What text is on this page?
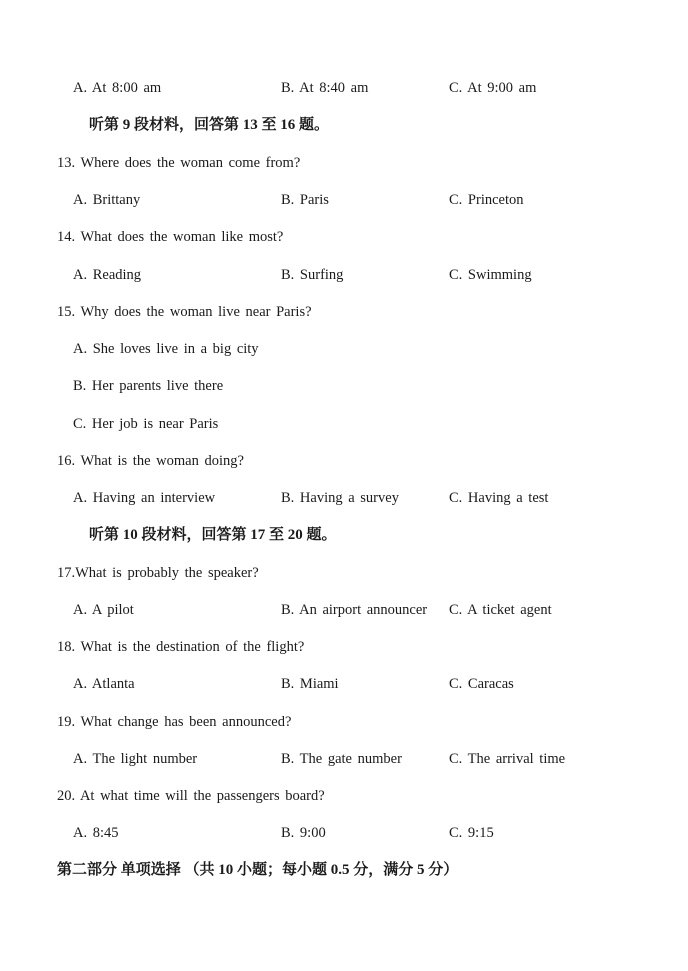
A. At 8:00 am	B. At 8:40 am	C. At 9:00 am
听第 9 段材料，回答第 13 至 16 题。
13. Where does the woman come from?
A. Brittany	B. Paris	C. Princeton
14. What does the woman like most?
A. Reading	B. Surfing	C. Swimming
15. Why does the woman live near Paris?
A. She loves live in a big city
B. Her parents live there
C. Her job is near Paris
16. What is the woman doing?
A. Having an interview	B. Having a survey	C. Having a test
听第 10 段材料，回答第 17 至 20 题。
17.What is probably the speaker?
A. A pilot	B. An airport announcer C. A ticket agent
18. What is the destination of the flight?
A. Atlanta	B. Miami	C. Caracas
19. What change has been announced?
A. The light number	B. The gate number	C. The arrival time
20. At what time will the passengers board?
A. 8:45	B. 9:00	C. 9:15
第二部分 单项选择 （共 10 小题；每小题 0.5 分，满分 5 分）
